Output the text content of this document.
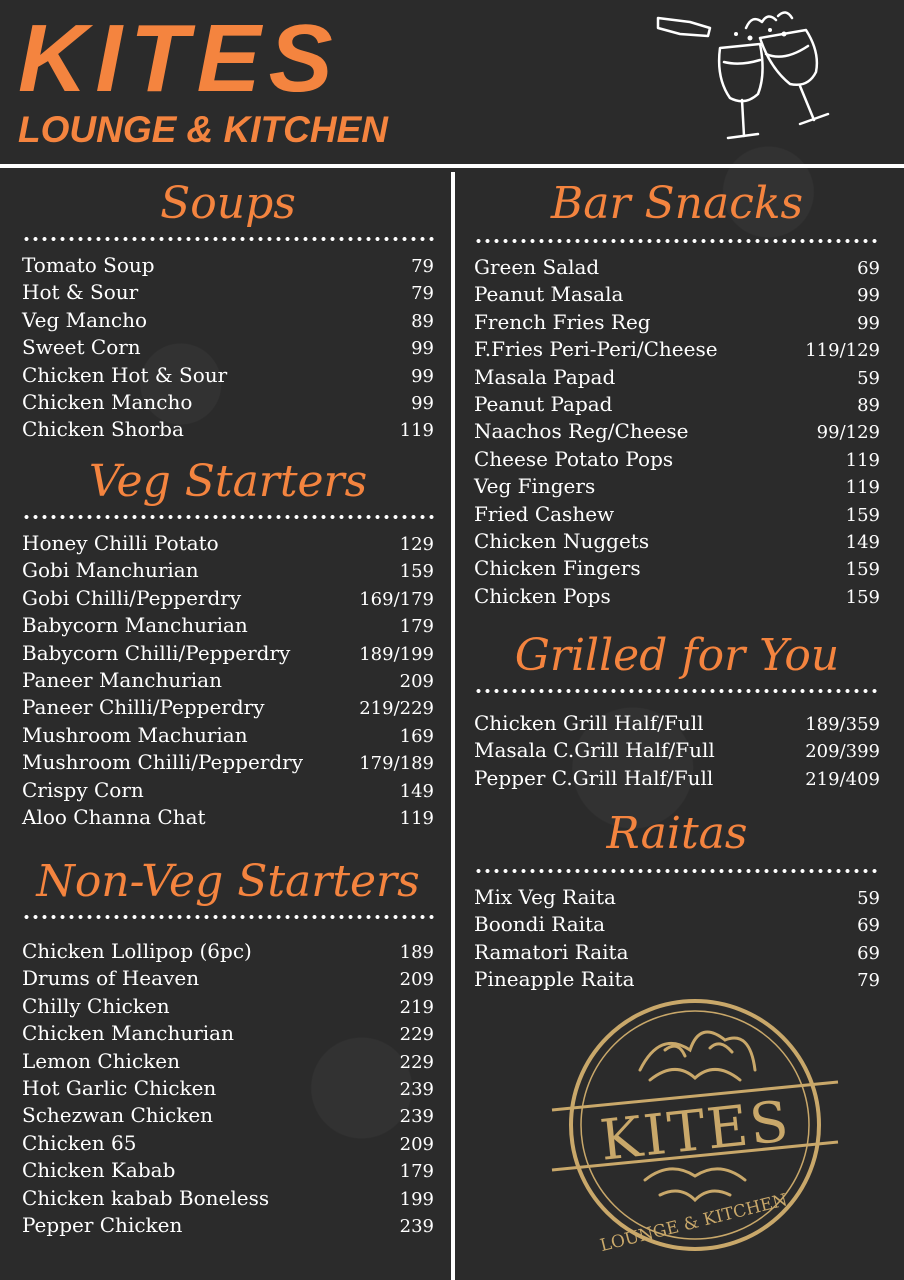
KITES
LOUNGE & KITCHEN
Soups
Tomato Soup	79
Hot & Sour	79
Veg Mancho	89
Sweet Corn	99
Chicken Hot & Sour	99
Chicken Mancho	99
Chicken Shorba	119
Veg Starters
Honey Chilli Potato	129
Gobi Manchurian	159
Gobi Chilli/Pepperdry	169/179
Babycorn Manchurian	179
Babycorn Chilli/Pepperdry	189/199
Paneer Manchurian	209
Paneer Chilli/Pepperdry	219/229
Mushroom Machurian	169
Mushroom Chilli/Pepperdry	179/189
Crispy Corn	149
Aloo Channa Chat	119
Non-Veg Starters
Chicken Lollipop (6pc)	189
Drums of Heaven	209
Chilly Chicken	219
Chicken Manchurian	229
Lemon Chicken	229
Hot Garlic Chicken	239
Schezwan Chicken	239
Chicken 65	209
Chicken Kabab	179
Chicken kabab Boneless	199
Pepper Chicken	239
Bar Snacks
Green Salad	69
Peanut Masala	99
French Fries Reg	99
F.Fries Peri-Peri/Cheese	119/129
Masala Papad	59
Peanut Papad	89
Naachos Reg/Cheese	99/129
Cheese Potato Pops	119
Veg Fingers	119
Fried Cashew	159
Chicken Nuggets	149
Chicken Fingers	159
Chicken Pops	159
Grilled for You
Chicken Grill Half/Full	189/359
Masala C.Grill Half/Full	209/399
Pepper C.Grill Half/Full	219/409
Raitas
Mix Veg Raita	59
Boondi Raita	69
Ramatori Raita	69
Pineapple Raita	79
KITES
LOUNGE & KITCHEN
